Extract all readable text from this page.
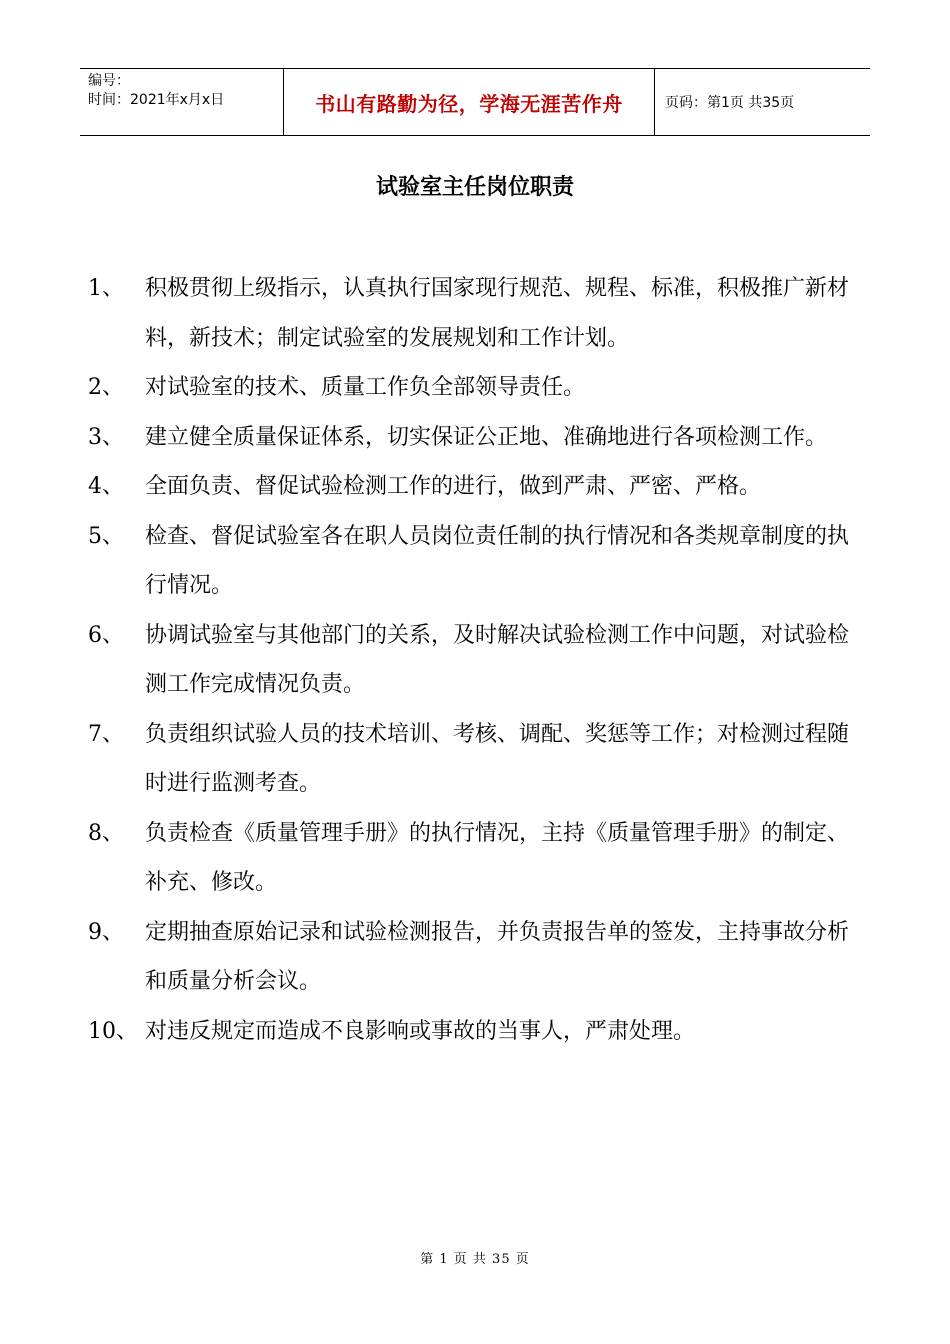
编号：
时间：2021年x月x日	书山有路勤为径，学海无涯苦作舟	页码：第1页 共35页
试验室主任岗位职责
1、 积极贯彻上级指示，认真执行国家现行规范、规程、标准，积极推广新材料，新技术；制定试验室的发展规划和工作计划。
2、 对试验室的技术、质量工作负全部领导责任。
3、 建立健全质量保证体系，切实保证公正地、准确地进行各项检测工作。
4、 全面负责、督促试验检测工作的进行，做到严肃、严密、严格。
5、 检查、督促试验室各在职人员岗位责任制的执行情况和各类规章制度的执行情况。
6、 协调试验室与其他部门的关系，及时解决试验检测工作中问题，对试验检测工作完成情况负责。
7、 负责组织试验人员的技术培训、考核、调配、奖惩等工作；对检测过程随时进行监测考查。
8、 负责检查《质量管理手册》的执行情况，主持《质量管理手册》的制定、补充、修改。
9、 定期抽查原始记录和试验检测报告，并负责报告单的签发，主持事故分析和质量分析会议。
10、 对违反规定而造成不良影响或事故的当事人，严肃处理。
第 1 页 共 35 页
